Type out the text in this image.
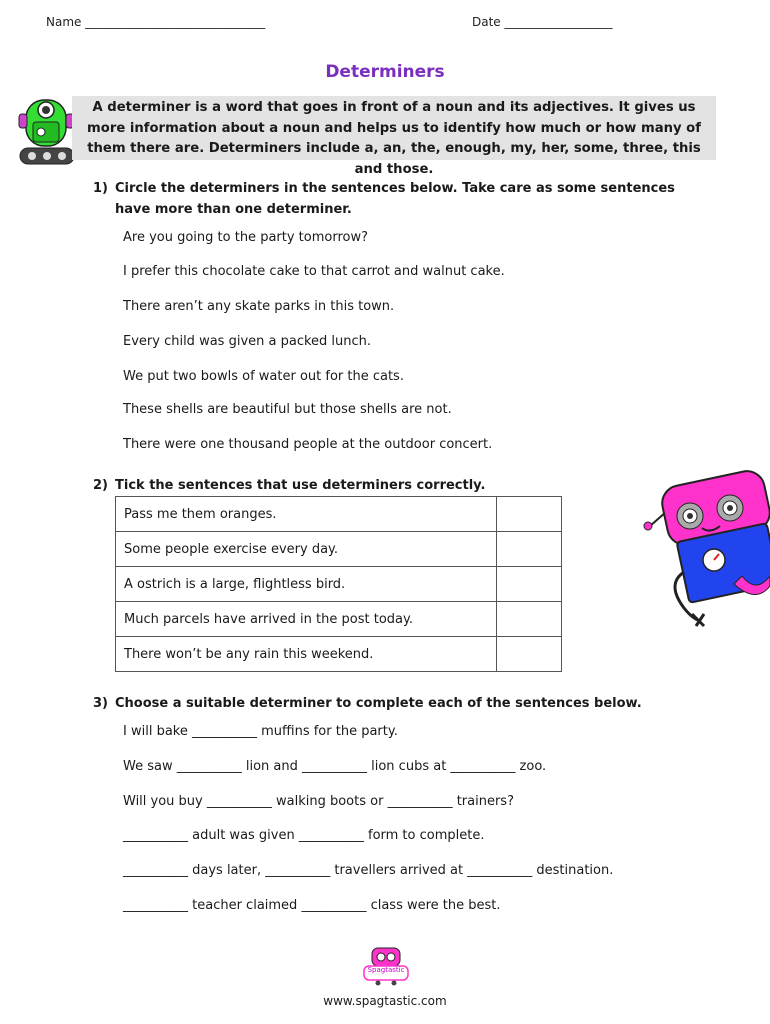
Name ______________________________	Date __________________
Determiners
A determiner is a word that goes in front of a noun and its adjectives. It gives us more information about a noun and helps us to identify how much or how many of them there are. Determiners include a, an, the, enough, my, her, some, three, this and those.
1) Circle the determiners in the sentences below. Take care as some sentences have more than one determiner.
Are you going to the party tomorrow?
I prefer this chocolate cake to that carrot and walnut cake.
There aren’t any skate parks in this town.
Every child was given a packed lunch.
We put two bowls of water out for the cats.
These shells are beautiful but those shells are not.
There were one thousand people at the outdoor concert.
2) Tick the sentences that use determiners correctly.
Pass me them oranges.	
Some people exercise every day.	
A ostrich is a large, flightless bird.	
Much parcels have arrived in the post today.	
There won’t be any rain this weekend.	
3) Choose a suitable determiner to complete each of the sentences below.
I will bake __________ muffins for the party.
We saw __________ lion and __________ lion cubs at __________ zoo.
Will you buy __________ walking boots or __________ trainers?
__________ adult was given __________ form to complete.
__________ days later, __________ travellers arrived at __________ destination.
__________ teacher claimed __________ class were the best.
Spagtastic
www.spagtastic.com
